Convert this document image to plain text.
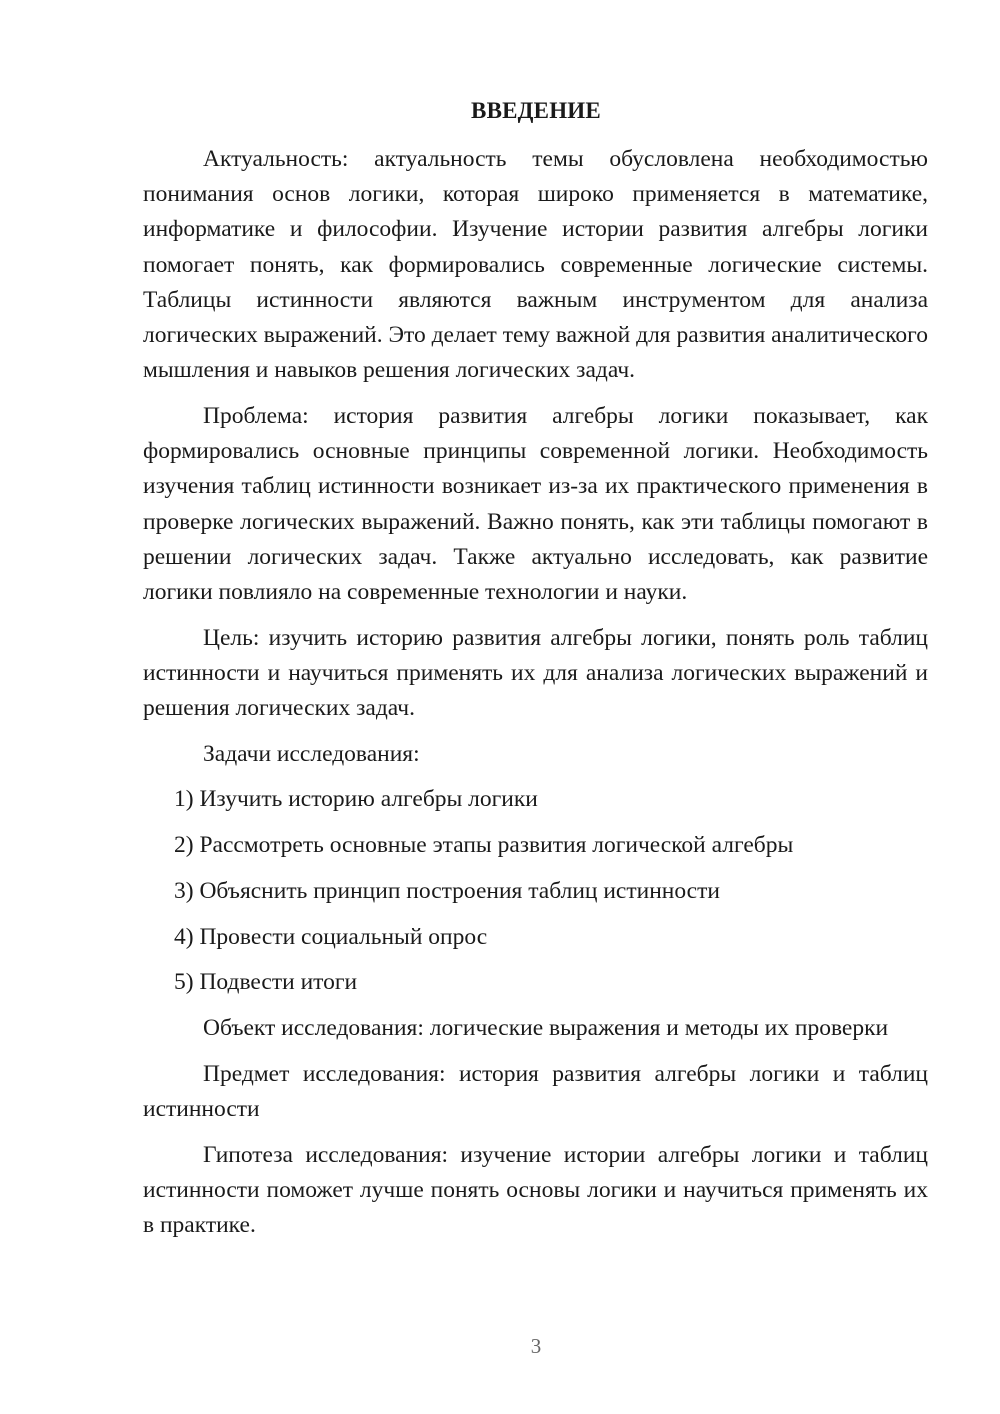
ВВЕДЕНИЕ

Актуальность: актуальность темы обусловлена необходимостью понимания основ логики, которая широко применяется в математике, информатике и философии. Изучение истории развития алгебры логики помогает понять, как формировались современные логические системы. Таблицы истинности являются важным инструментом для анализа логических выражений. Это делает тему важной для развития аналитического мышления и навыков решения логических задач.

Проблема: история развития алгебры логики показывает, как формировались основные принципы современной логики. Необходимость изучения таблиц истинности возникает из-за их практического применения в проверке логических выражений. Важно понять, как эти таблицы помогают в решении логических задач. Также актуально исследовать, как развитие логики повлияло на современные технологии и науки.

Цель: изучить историю развития алгебры логики, понять роль таблиц истинности и научиться применять их для анализа логических выражений и решения логических задач.

Задачи исследования:

1) Изучить историю алгебры логики

2) Рассмотреть основные этапы развития логической алгебры

3) Объяснить принцип построения таблиц истинности

4) Провести социальный опрос

5) Подвести итоги

Объект исследования: логические выражения и методы их проверки

Предмет исследования: история развития алгебры логики и таблиц истинности

Гипотеза исследования: изучение истории алгебры логики и таблиц истинности поможет лучше понять основы логики и научиться применять их в практике.

3
